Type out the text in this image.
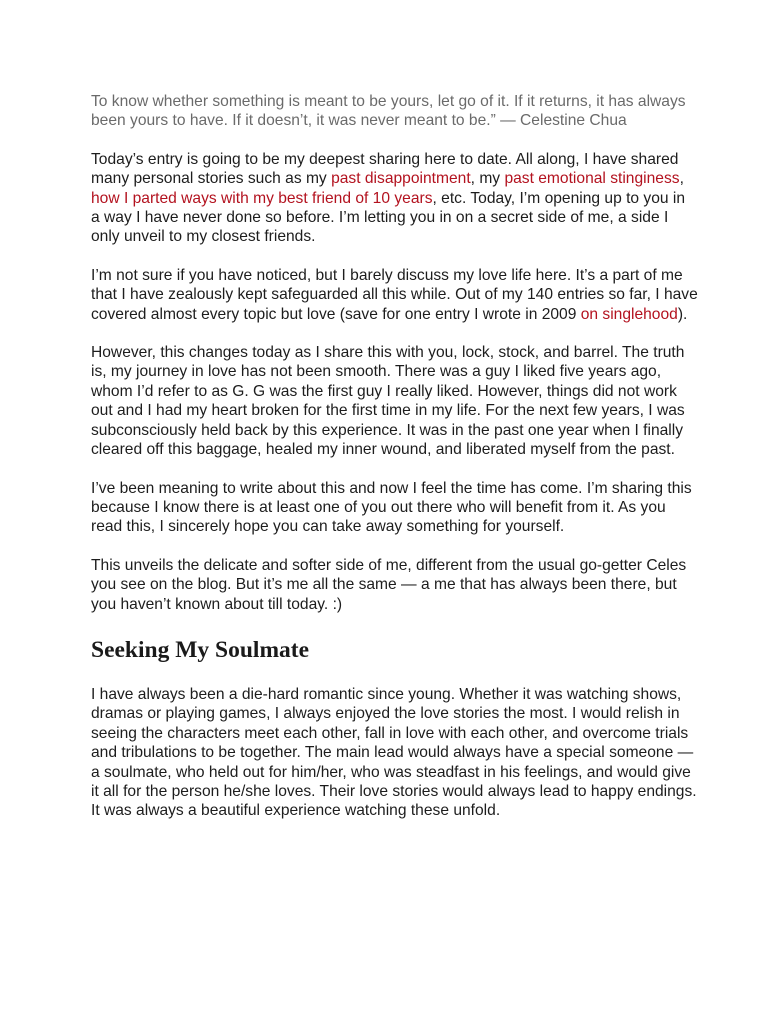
To know whether something is meant to be yours, let go of it. If it returns, it has always been yours to have. If it doesn’t, it was never meant to be.” — Celestine Chua

Today’s entry is going to be my deepest sharing here to date. All along, I have shared many personal stories such as my past disappointment, my past emotional stinginess, how I parted ways with my best friend of 10 years, etc. Today, I’m opening up to you in a way I have never done so before. I’m letting you in on a secret side of me, a side I only unveil to my closest friends.

I’m not sure if you have noticed, but I barely discuss my love life here. It’s a part of me that I have zealously kept safeguarded all this while. Out of my 140 entries so far, I have covered almost every topic but love (save for one entry I wrote in 2009 on singlehood).

However, this changes today as I share this with you, lock, stock, and barrel. The truth is, my journey in love has not been smooth. There was a guy I liked five years ago, whom I’d refer to as G. G was the first guy I really liked. However, things did not work out and I had my heart broken for the first time in my life. For the next few years, I was subconsciously held back by this experience. It was in the past one year when I finally cleared off this baggage, healed my inner wound, and liberated myself from the past.

I’ve been meaning to write about this and now I feel the time has come. I’m sharing this because I know there is at least one of you out there who will benefit from it. As you read this, I sincerely hope you can take away something for yourself.

This unveils the delicate and softer side of me, different from the usual go-getter Celes you see on the blog. But it’s me all the same — a me that has always been there, but you haven’t known about till today. :)

Seeking My Soulmate

I have always been a die-hard romantic since young. Whether it was watching shows, dramas or playing games, I always enjoyed the love stories the most. I would relish in seeing the characters meet each other, fall in love with each other, and overcome trials and tribulations to be together. The main lead would always have a special someone — a soulmate, who held out for him/her, who was steadfast in his feelings, and would give it all for the person he/she loves. Their love stories would always lead to happy endings. It was always a beautiful experience watching these unfold.
